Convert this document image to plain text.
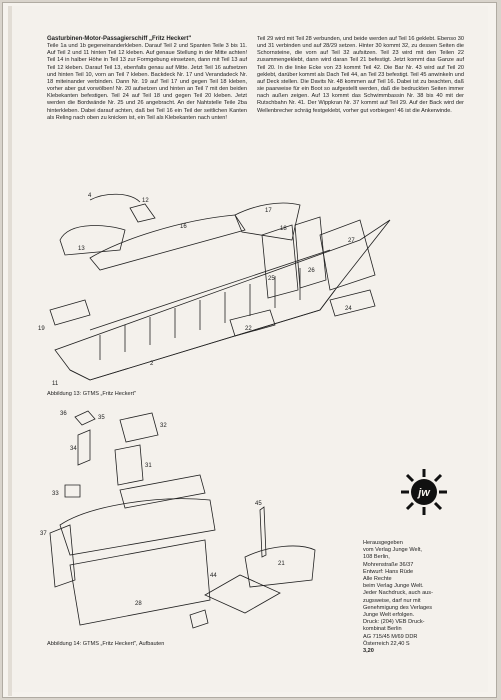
Gasturbinen-Motor-Passagierschiff „Fritz Heckert"

Teile 1a und 1b gegeneinanderkleben. Darauf Teil 2 und Spanten Teile 3 bis 11. Auf Teil 2 und 11 hinten Teil 12 kleben. Auf genaue Stellung in der Mitte achten! Teil 14 in halber Höhe in Teil 13 zur Formgebung einsetzen, dann mit Teil 13 auf Teil 12 kleben. Darauf Teil 13, ebenfalls genau auf Mitte. Jetzt Teil 16 aufsetzen und hinten Teil 10, vorn an Teil 7 kleben. Backdeck Nr. 17 und Verandadeck Nr. 18 miteinander verbinden. Dann Nr. 19 auf Teil 17 und gegen Teil 18 kleben, vorher aber gut vorwölben! Nr. 20 aufsetzen und hinten an Teil 7 mit den beiden Klebekanten befestigen. Teil 24 auf Teil 18 und gegen Teil 20 kleben. Jetzt werden die Bordwände Nr. 25 und 26 angebracht. An der Nahtstelle Teile 2ba hinterkleben. Dabei darauf achten, daß bei Teil 16 ein Teil der seitlichen Kanten als Reling nach oben zu knicken ist, ein Teil als Klebekanten nach unten!

Teil 29 wird mit Teil 28 verbunden, und beide werden auf Teil 16 geklebt. Ebenso 30 und 31 verbinden und auf 28/29 setzen. Hinter 30 kommt 32, zu dessen Seiten die Schornsteine, die vorn auf Teil 32 aufsitzen. Teil 23 wird mit den Teilen 22 zusammengeklebt, dann wird daran Teil 21 befestigt. Jetzt kommt das Ganze auf Teil 20. In die linke Ecke von 23 kommt Teil 42. Die Bar Nr. 43 wird auf Teil 20 geklebt, darüber kommt als Dach Teil 44, an Teil 23 befestigt. Teil 45 anwinkeln und auf Deck stellen. Die Davits Nr. 48 kommen auf Teil 16. Dabei ist zu beachten, daß sie paarweise für ein Boot so aufgestellt werden, daß die bedruckten Seiten immer nach außen zeigen. Auf 13 kommt das Schwimmbassin Nr. 38 bis 40 mit der Rutschbahn Nr. 41. Der Wippkran Nr. 37 kommt auf Teil 29. Auf der Back wird der Wellenbrecher schräg festgeklebt, vorher gut vorbiegen! 46 ist die Ankerwinde.

13
4
12
16
2
19
17
18
25
26
27
22
24
11
Abbildung 13: GTMS „Fritz Heckert"
36
35
34
32
31
33
37
28
45
21
44
Abbildung 14: GTMS „Fritz Heckert", Aufbauten
jw

Herausgegeben

vom Verlag Junge Welt,

108 Berlin,

Mohrenstraße 36/37

Entwurf: Hans Rüde

Alle Rechte

beim Verlag Junge Welt.

Jeder Nachdruck, auch aus-

zugsweise, darf nur mit

Genehmigung des Verlages

Junge Welt erfolgen.

Druck: (204) VEB Druck-

kombinat Berlin

AG 715/45 M/69 DDR

Österreich 22,40 S

3,20
